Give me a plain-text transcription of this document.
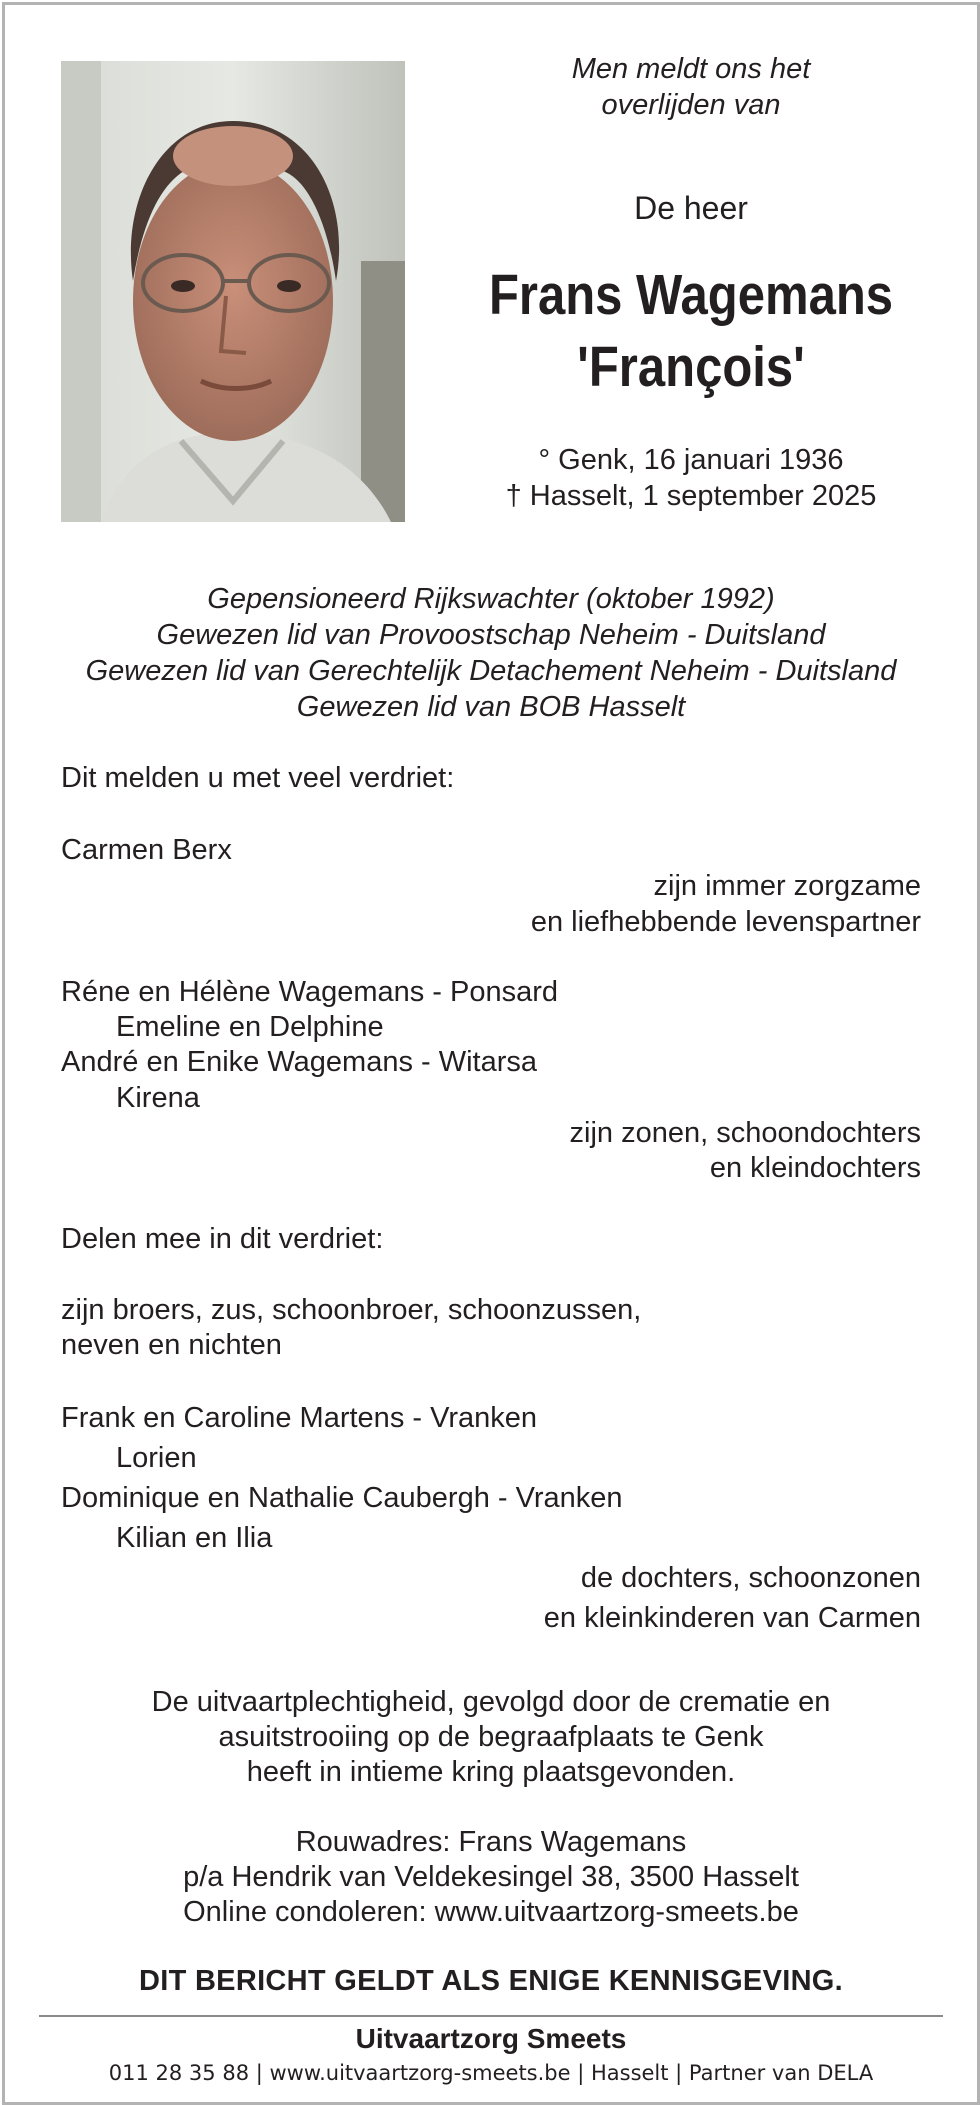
Men meldt ons het
overlijden van
De heer
Frans Wagemans
'François'
° Genk, 16 januari 1936
† Hasselt, 1 september 2025
Gepensioneerd Rijkswachter (oktober 1992)
Gewezen lid van Provoostschap Neheim - Duitsland
Gewezen lid van Gerechtelijk Detachement Neheim - Duitsland
Gewezen lid van BOB Hasselt
Dit melden u met veel verdriet:
Carmen Berx
zijn immer zorgzame
en liefhebbende levenspartner
Réne en Hélène Wagemans - Ponsard
Emeline en Delphine
André en Enike Wagemans - Witarsa
Kirena
zijn zonen, schoondochters
en kleindochters
Delen mee in dit verdriet:
zijn broers, zus, schoonbroer, schoonzussen,
neven en nichten
Frank en Caroline Martens - Vranken
Lorien
Dominique en Nathalie Caubergh - Vranken
Kilian en Ilia
de dochters, schoonzonen
en kleinkinderen van Carmen
De uitvaartplechtigheid, gevolgd door de crematie en
asuitstrooiing op de begraafplaats te Genk
heeft in intieme kring plaatsgevonden.
Rouwadres: Frans Wagemans
p/a Hendrik van Veldekesingel 38, 3500 Hasselt
Online condoleren: www.uitvaartzorg-smeets.be
DIT BERICHT GELDT ALS ENIGE KENNISGEVING.
Uitvaartzorg Smeets
011 28 35 88 | www.uitvaartzorg-smeets.be | Hasselt | Partner van DELA
